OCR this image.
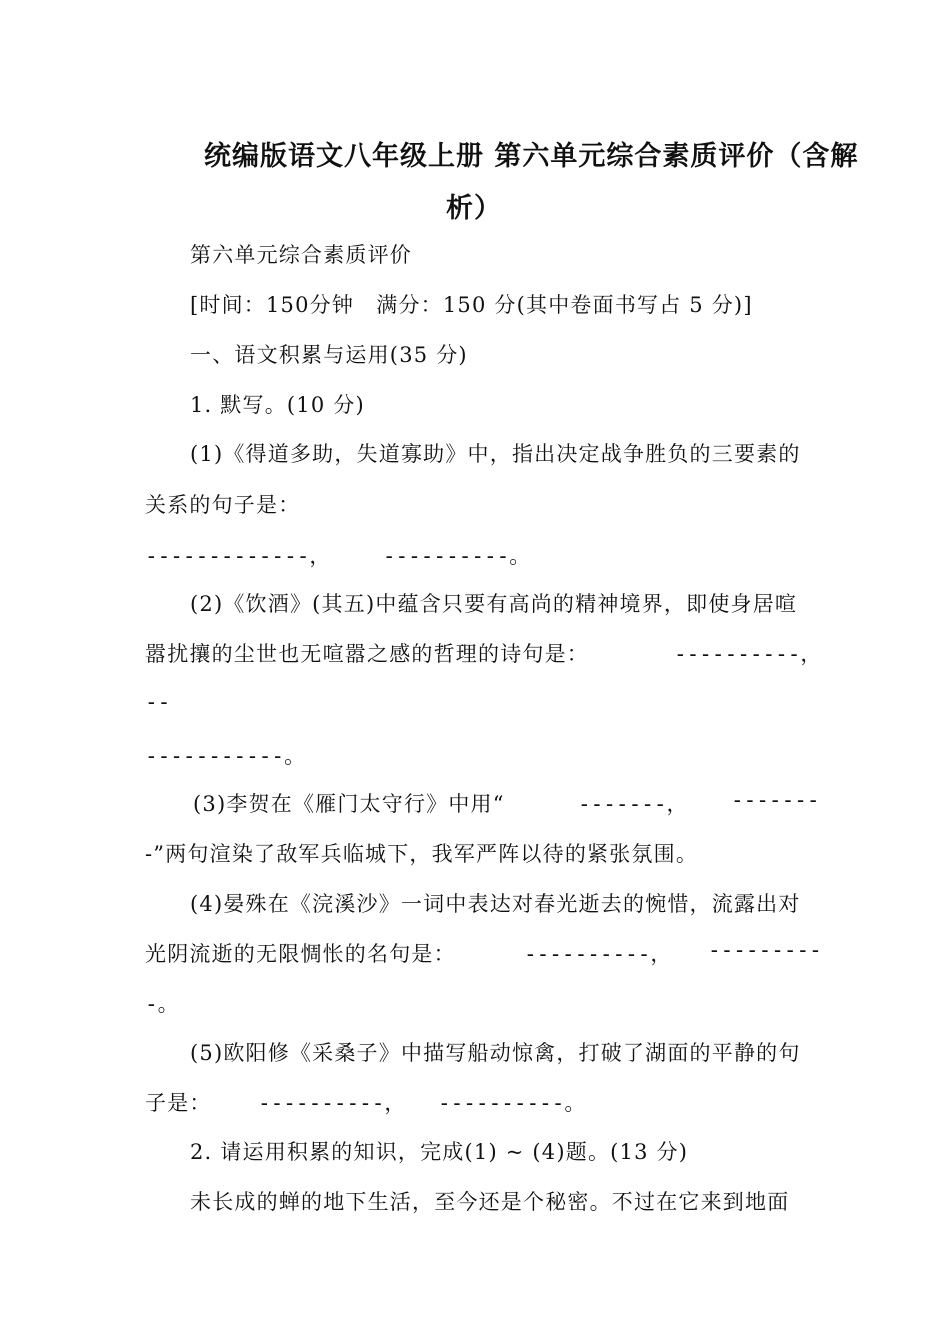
统编版语文八年级上册 第六单元综合素质评价（含解
析）
第六单元综合素质评价
[时间：150分钟　满分：150 分(其中卷面书写占 5 分)]
一、语文积累与运用(35 分)
1. 默写。(10 分)
(1)《得道多助，失道寡助》中，指出决定战争胜负的三要素的
关系的句子是：
-------------，　　　----------。
(2)《饮酒》(其五)中蕴含只要有高尚的精神境界，即使身居喧
嚣扰攘的尘世也无喧嚣之感的哲理的诗句是：	----------，
--
-----------。
(3)李贺在《雁门太守行》中用“	-------， -------
-”两句渲染了敌军兵临城下，我军严阵以待的紧张氛围。
(4)晏殊在《浣溪沙》一词中表达对春光逝去的惋惜，流露出对
光阴流逝的无限惆怅的名句是：	----------， ---------
-。
(5)欧阳修《采桑子》中描写船动惊禽，打破了湖面的平静的句
子是： ----------， ----------。
2. 请运用积累的知识，完成(1) ~ (4)题。(13 分)
未长成的蝉的地下生活，至今还是个秘密。不过在它来到地面
